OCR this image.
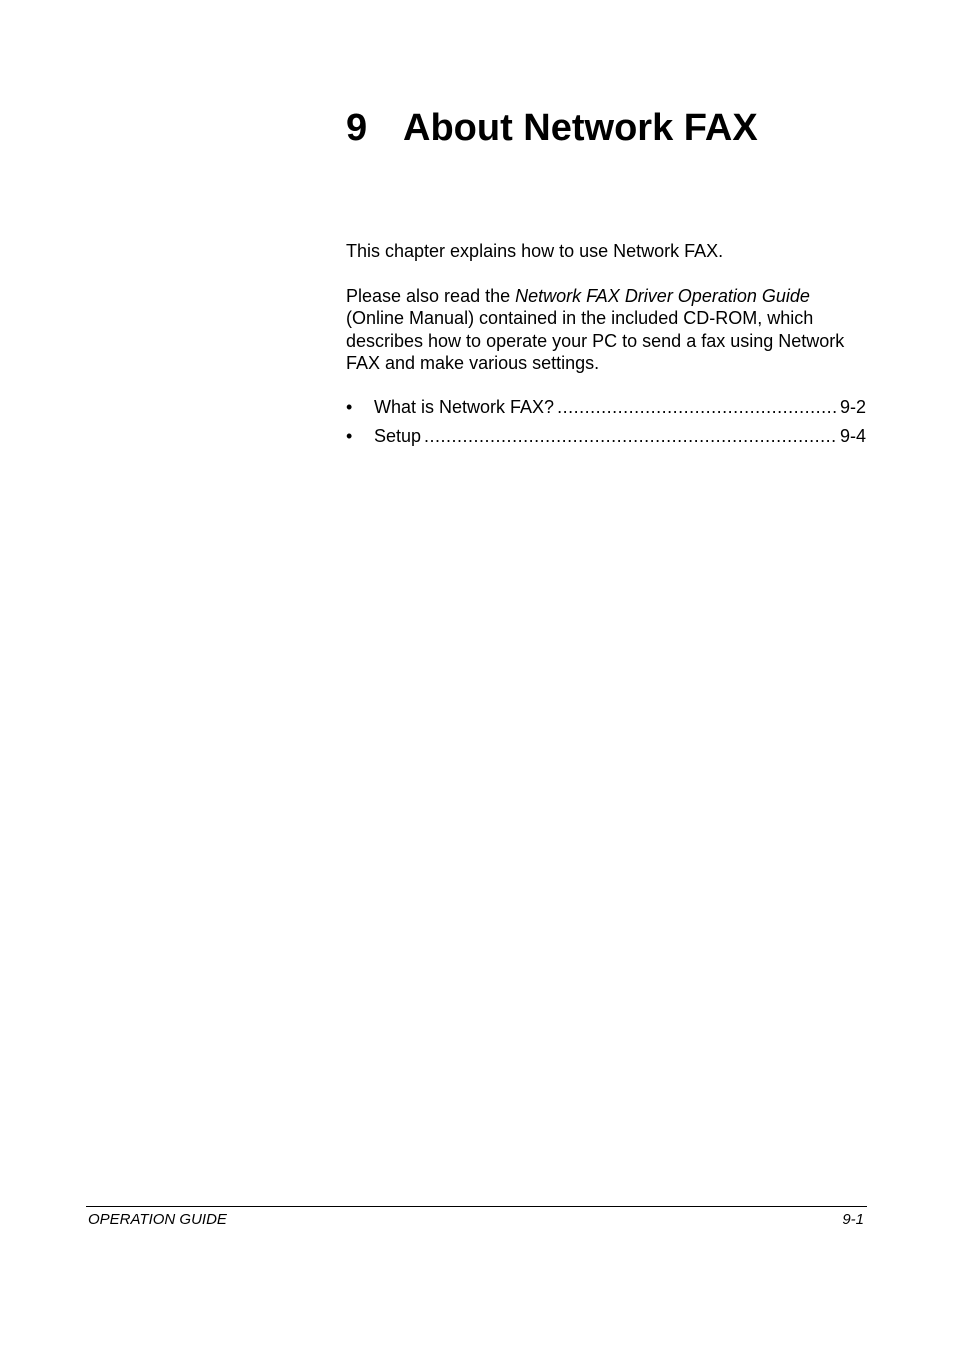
9 About Network FAX

This chapter explains how to use Network FAX.

Please also read the Network FAX Driver Operation Guide (Online Manual) contained in the included CD-ROM, which describes how to operate your PC to send a fax using Network FAX and make various settings.

•	What is Network FAX? .....	9-2
•	Setup .....	9-4
OPERATION GUIDE	9-1
